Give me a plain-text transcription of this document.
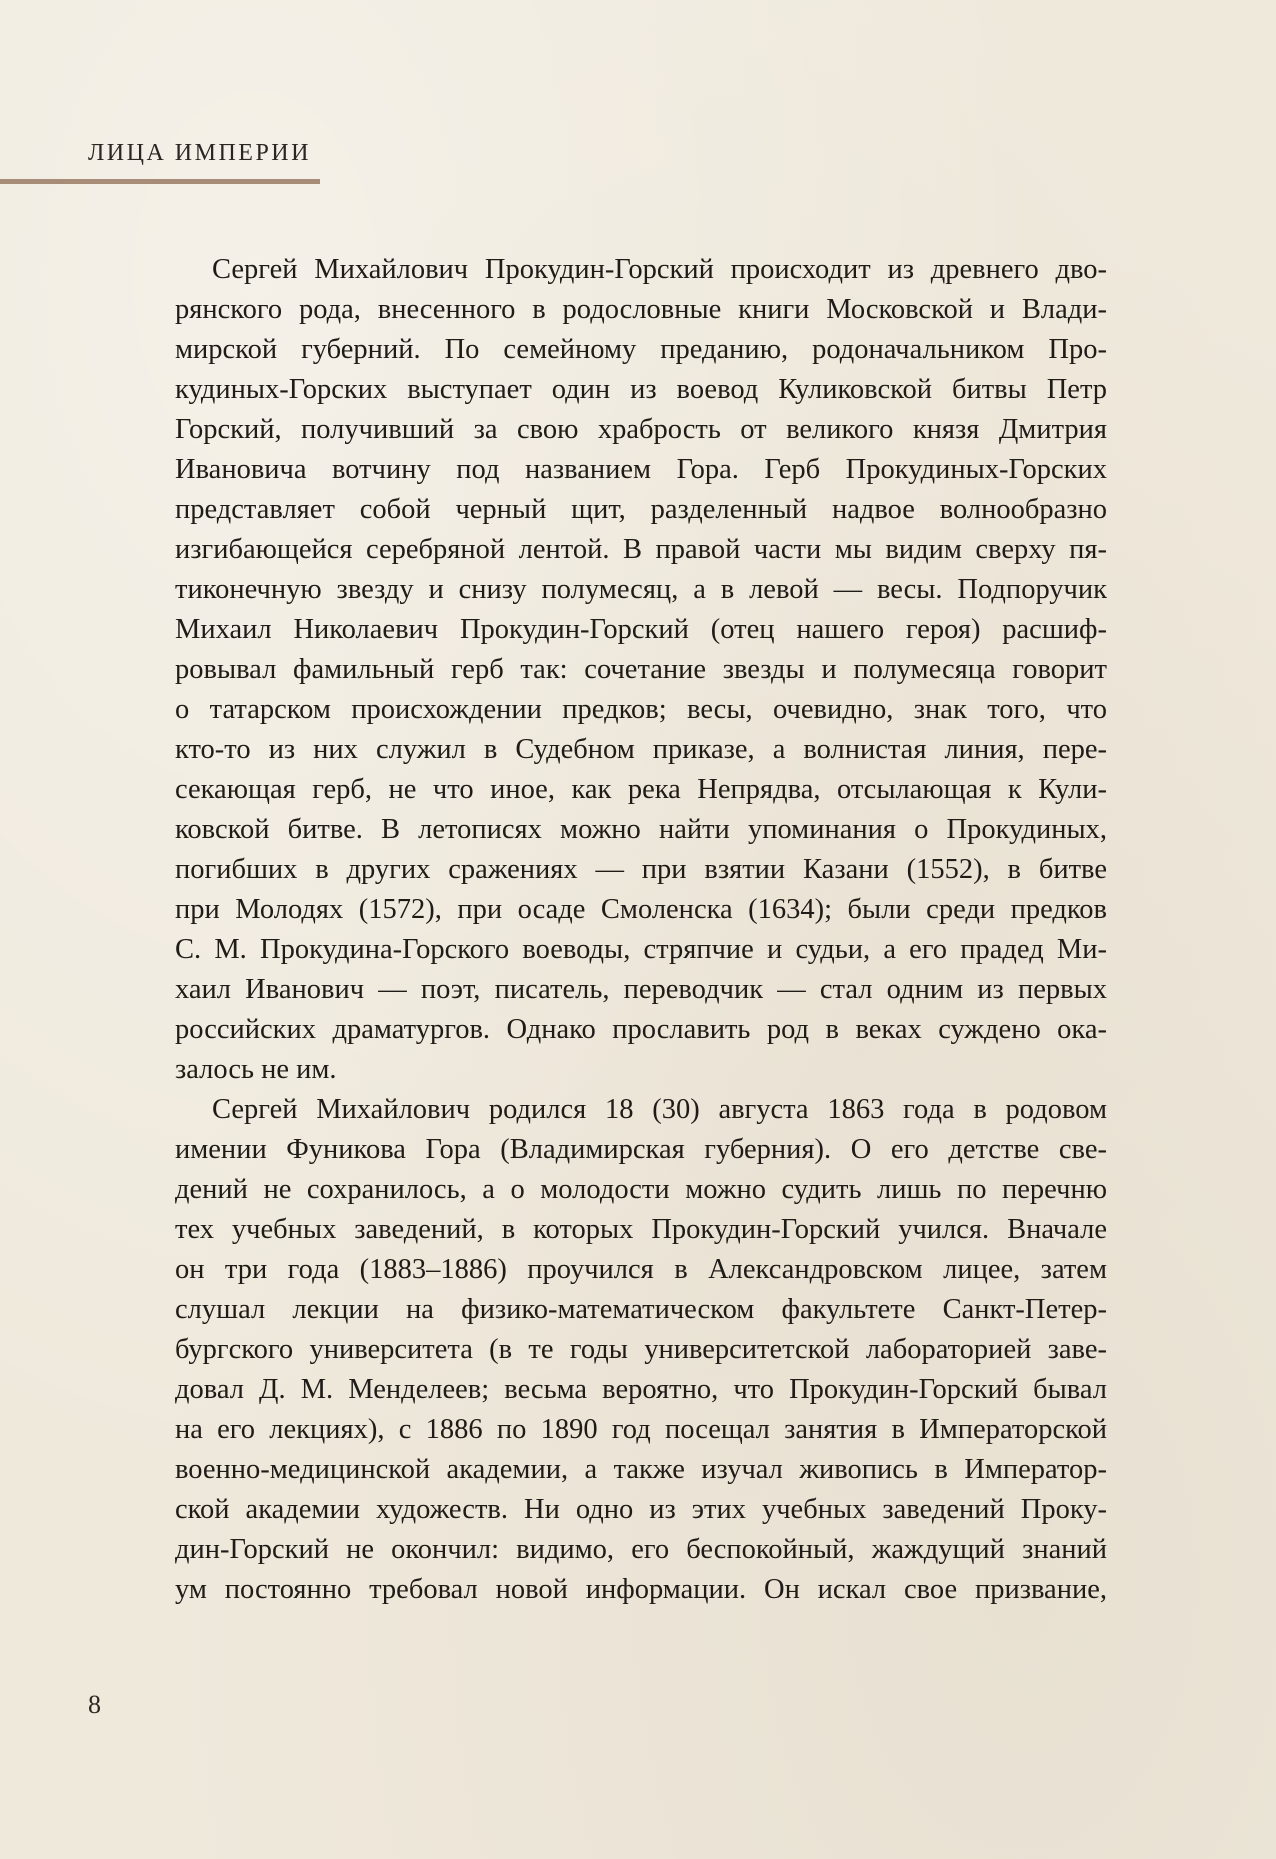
ЛИЦА ИМПЕРИИ
Сергей Михайлович Прокудин-Горский происходит из древнего дво-
рянского рода, внесенного в родословные книги Московской и Влади-
мирской губерний. По семейному преданию, родоначальником Про-
кудиных-Горских выступает один из воевод Куликовской битвы Петр
Горский, получивший за свою храбрость от великого князя Дмитрия
Ивановича вотчину под названием Гора. Герб Прокудиных-Горских
представляет собой черный щит, разделенный надвое волнообразно
изгибающейся серебряной лентой. В правой части мы видим сверху пя-
тиконечную звезду и снизу полумесяц, а в левой — весы. Подпоручик
Михаил Николаевич Прокудин-Горский (отец нашего героя) расшиф-
ровывал фамильный герб так: сочетание звезды и полумесяца говорит
о татарском происхождении предков; весы, очевидно, знак того, что
кто-то из них служил в Судебном приказе, а волнистая линия, пере-
секающая герб, не что иное, как река Непрядва, отсылающая к Кули-
ковской битве. В летописях можно найти упоминания о Прокудиных,
погибших в других сражениях — при взятии Казани (1552), в битве
при Молодях (1572), при осаде Смоленска (1634); были среди предков
С. М. Прокудина-Горского воеводы, стряпчие и судьи, а его прадед Ми-
хаил Иванович — поэт, писатель, переводчик — стал одним из первых
российских драматургов. Однако прославить род в веках суждено ока-
залось не им.
Сергей Михайлович родился 18 (30) августа 1863 года в родовом
имении Фуникова Гора (Владимирская губерния). О его детстве све-
дений не сохранилось, а о молодости можно судить лишь по перечню
тех учебных заведений, в которых Прокудин-Горский учился. Вначале
он три года (1883–1886) проучился в Александровском лицее, затем
слушал лекции на физико-математическом факультете Санкт-Петер-
бургского университета (в те годы университетской лабораторией заве-
довал Д. М. Менделеев; весьма вероятно, что Прокудин-Горский бывал
на его лекциях), с 1886 по 1890 год посещал занятия в Императорской
военно-медицинской академии, а также изучал живопись в Император-
ской академии художеств. Ни одно из этих учебных заведений Проку-
дин-Горский не окончил: видимо, его беспокойный, жаждущий знаний
ум постоянно требовал новой информации. Он искал свое призвание,
8
